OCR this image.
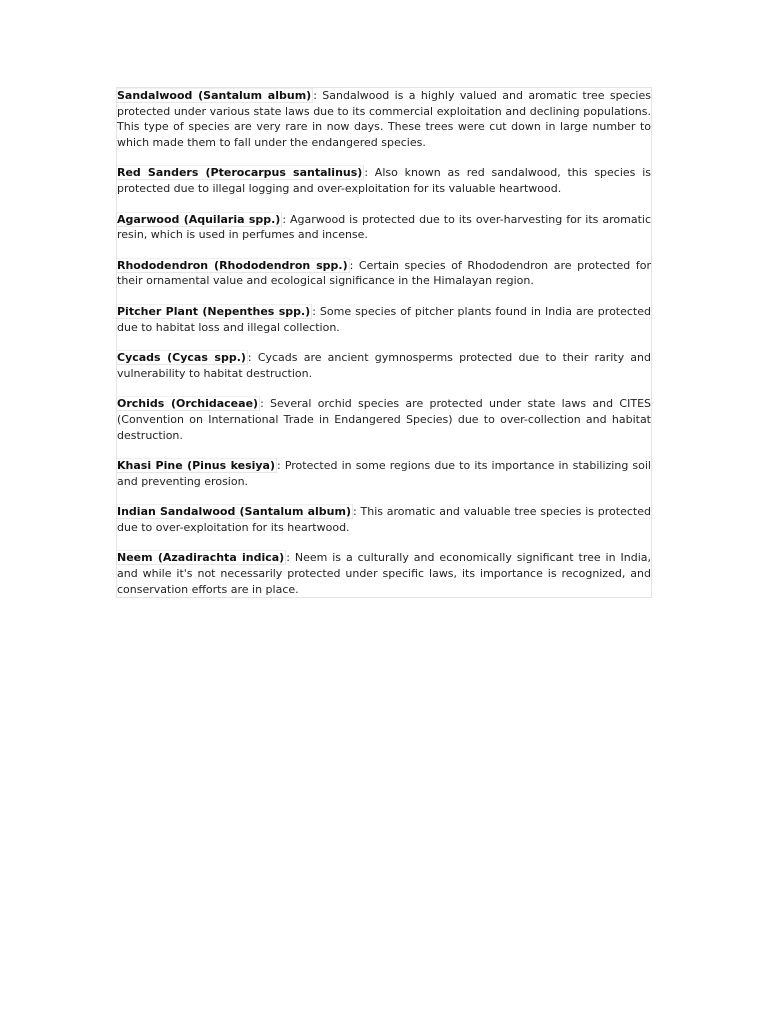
Sandalwood (Santalum album) : Sandalwood is a highly valued and aromatic tree species protected under various state laws due to its commercial exploitation and declining populations. This type of species are very rare in now days. These trees were cut down in large number to which made them to fall under the endangered species.

Red Sanders (Pterocarpus santalinus) : Also known as red sandalwood, this species is protected due to illegal logging and over-exploitation for its valuable heartwood.

Agarwood (Aquilaria spp.) : Agarwood is protected due to its over-harvesting for its aromatic resin, which is used in perfumes and incense.

Rhododendron (Rhododendron spp.) : Certain species of Rhododendron are protected for their ornamental value and ecological significance in the Himalayan region.

Pitcher Plant (Nepenthes spp.) : Some species of pitcher plants found in India are protected due to habitat loss and illegal collection.

Cycads (Cycas spp.) : Cycads are ancient gymnosperms protected due to their rarity and vulnerability to habitat destruction.

Orchids (Orchidaceae) : Several orchid species are protected under state laws and CITES (Convention on International Trade in Endangered Species) due to over-collection and habitat destruction.

Khasi Pine (Pinus kesiya) : Protected in some regions due to its importance in stabilizing soil and preventing erosion.

Indian Sandalwood (Santalum album) : This aromatic and valuable tree species is protected due to over-exploitation for its heartwood.

Neem (Azadirachta indica) : Neem is a culturally and economically significant tree in India, and while it's not necessarily protected under specific laws, its importance is recognized, and conservation efforts are in place.
